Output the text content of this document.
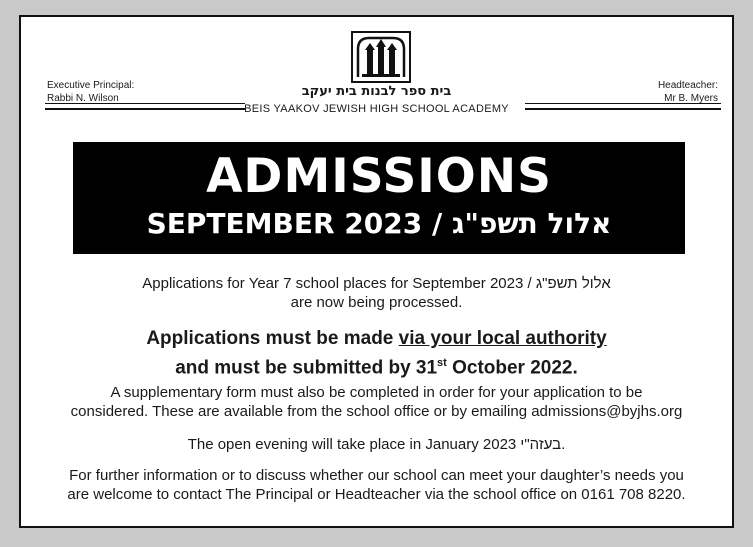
Executive Principal:
Rabbi N. Wilson
Headteacher:
Mr B. Myers
בית ספר לבנות בית יעקב
BEIS YAAKOV JEWISH HIGH SCHOOL ACADEMY
ADMISSIONS
SEPTEMBER 2023 / אלול תשפ"ג
Applications for Year 7 school places for September 2023 / אלול תשפ"ג
are now being processed.
Applications must be made via your local authority
and must be submitted by 31st October 2022.
A supplementary form must also be completed in order for your application to be
considered. These are available from the school office or by emailing admissions@byjhs.org
The open evening will take place in January 2023 בעזה"י.
For further information or to discuss whether our school can meet your daughter’s needs you
are welcome to contact The Principal or Headteacher via the school office on 0161 708 8220.
